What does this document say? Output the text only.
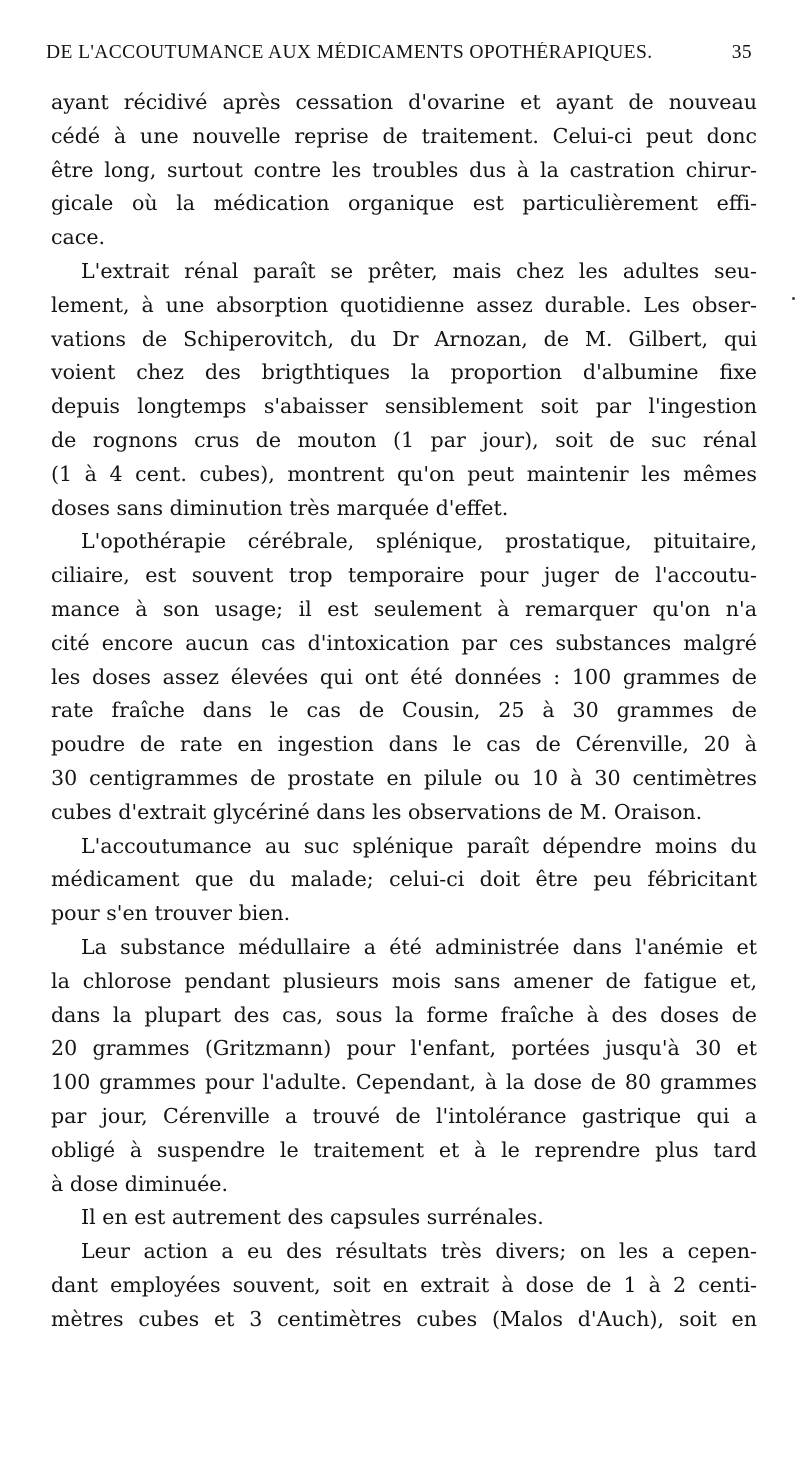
DE L'ACCOUTUMANCE AUX MÉDICAMENTS OPOTHÉRAPIQUES.	35
ayant récidivé après cessation d'ovarine et ayant de nouveau
cédé à une nouvelle reprise de traitement. Celui-ci peut donc
être long, surtout contre les troubles dus à la castration chirur-
gicale où la médication organique est particulièrement effi-
cace.
L'extrait rénal paraît se prêter, mais chez les adultes seu-
lement, à une absorption quotidienne assez durable. Les obser-
vations de Schiperovitch, du Dr Arnozan, de M. Gilbert, qui
voient chez des brigthtiques la proportion d'albumine fixe
depuis longtemps s'abaisser sensiblement soit par l'ingestion
de rognons crus de mouton (1 par jour), soit de suc rénal
(1 à 4 cent. cubes), montrent qu'on peut maintenir les mêmes
doses sans diminution très marquée d'effet.
L'opothérapie cérébrale, splénique, prostatique, pituitaire,
ciliaire, est souvent trop temporaire pour juger de l'accoutu-
mance à son usage; il est seulement à remarquer qu'on n'a
cité encore aucun cas d'intoxication par ces substances malgré
les doses assez élevées qui ont été données : 100 grammes de
rate fraîche dans le cas de Cousin, 25 à 30 grammes de
poudre de rate en ingestion dans le cas de Cérenville, 20 à
30 centigrammes de prostate en pilule ou 10 à 30 centimètres
cubes d'extrait glycériné dans les observations de M. Oraison.
L'accoutumance au suc splénique paraît dépendre moins du
médicament que du malade; celui-ci doit être peu fébricitant
pour s'en trouver bien.
La substance médullaire a été administrée dans l'anémie et
la chlorose pendant plusieurs mois sans amener de fatigue et,
dans la plupart des cas, sous la forme fraîche à des doses de
20 grammes (Gritzmann) pour l'enfant, portées jusqu'à 30 et
100 grammes pour l'adulte. Cependant, à la dose de 80 grammes
par jour, Cérenville a trouvé de l'intolérance gastrique qui a
obligé à suspendre le traitement et à le reprendre plus tard
à dose diminuée.
Il en est autrement des capsules surrénales.
Leur action a eu des résultats très divers; on les a cepen-
dant employées souvent, soit en extrait à dose de 1 à 2 centi-
mètres cubes et 3 centimètres cubes (Malos d'Auch), soit en
